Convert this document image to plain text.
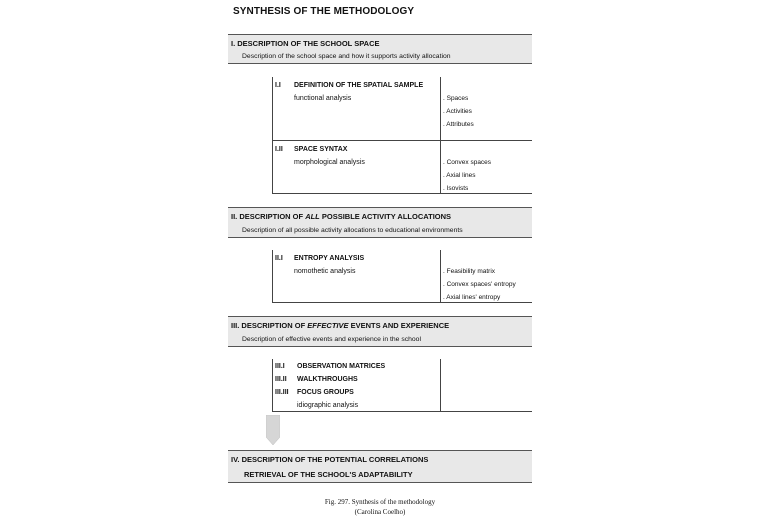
SYNTHESIS OF THE METHODOLOGY
I. DESCRIPTION OF THE SCHOOL SPACE
Description of the school space and how it supports activity allocation
I.I DEFINITION OF THE SPATIAL SAMPLE
functional analysis	. Spaces
. Activities
. Attributes
I.II SPACE SYNTAX
morphological analysis	. Convex spaces
. Axial lines
. Isovists
II. DESCRIPTION OF ALL POSSIBLE ACTIVITY ALLOCATIONS
Description of all possible activity allocations to educational environments
II.I ENTROPY ANALYSIS
nomothetic analysis	. Feasibility matrix
. Convex spaces' entropy
. Axial lines' entropy
III. DESCRIPTION OF EFFECTIVE EVENTS AND EXPERIENCE
Description of effective events and experience in the school
III.I OBSERVATION MATRICES
III.II WALKTHROUGHS
III.III FOCUS GROUPS
idiographic analysis
IV. DESCRIPTION OF THE POTENTIAL CORRELATIONS
RETRIEVAL OF THE SCHOOL'S ADAPTABILITY
Fig. 297. Synthesis of the methodology
(Carolina Coelho)
